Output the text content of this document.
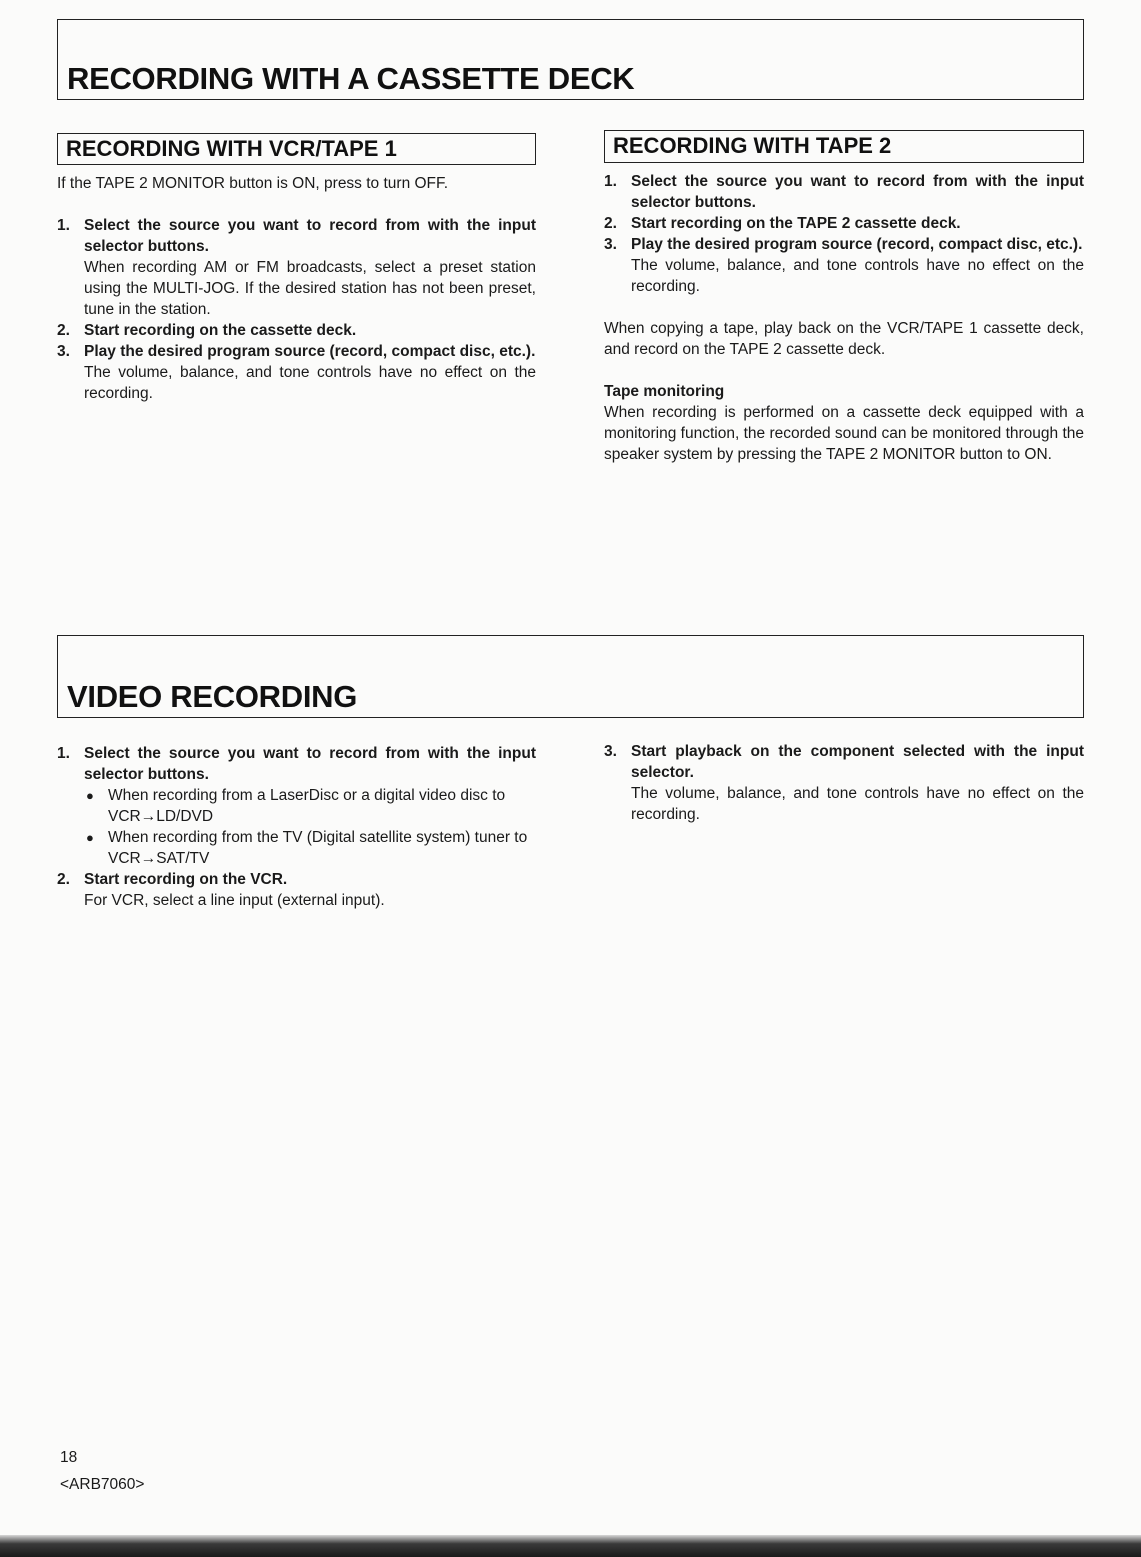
RECORDING WITH A CASSETTE DECK
RECORDING WITH VCR/TAPE 1

If the TAPE 2 MONITOR button is ON, press to turn OFF.

1. Select the source you want to record from with the input selector buttons.
When recording AM or FM broadcasts, select a preset station using the MULTI-JOG. If the desired station has not been preset, tune in the station.
2. Start recording on the cassette deck.
3. Play the desired program source (record, compact disc, etc.).
The volume, balance, and tone controls have no effect on the recording.
RECORDING WITH TAPE 2
1. Select the source you want to record from with the input selector buttons.
2. Start recording on the TAPE 2 cassette deck.
3. Play the desired program source (record, compact disc, etc.).
The volume, balance, and tone controls have no effect on the recording.

When copying a tape, play back on the VCR/TAPE 1 cassette deck, and record on the TAPE 2 cassette deck.

Tape monitoring

When recording is performed on a cassette deck equipped with a monitoring function, the recorded sound can be monitored through the speaker system by pressing the TAPE 2 MONITOR button to ON.

VIDEO RECORDING
1. Select the source you want to record from with the input selector buttons.
● When recording from a LaserDisc or a digital video disc to VCR→LD/DVD
● When recording from the TV (Digital satellite system) tuner to VCR→SAT/TV
2. Start recording on the VCR.
For VCR, select a line input (external input).
3. Start playback on the component selected with the input selector.
The volume, balance, and tone controls have no effect on the recording.
18
<ARB7060>
